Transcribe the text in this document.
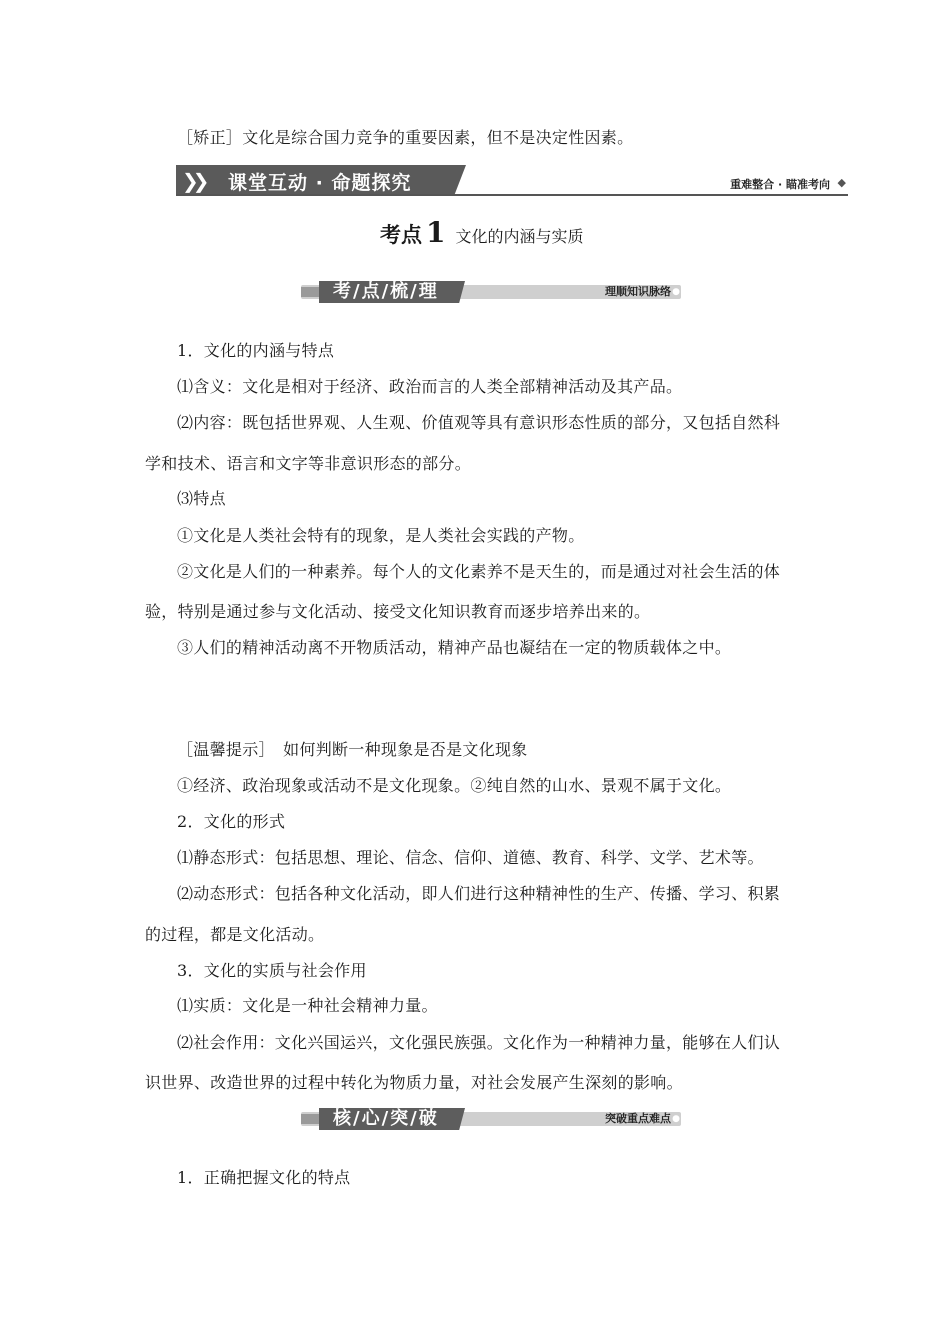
［矫正］文化是综合国力竞争的重要因素，但不是决定性因素。
❯❯ 课堂互动 · 命题探究	重难整合 · 瞄准考向 ◆
考点 1 文化的内涵与实质
考/点/梳/理	理顺知识脉络 ●
1．文化的内涵与特点
⑴含义：文化是相对于经济、政治而言的人类全部精神活动及其产品。
⑵内容：既包括世界观、人生观、价值观等具有意识形态性质的部分，又包括自然科
学和技术、语言和文字等非意识形态的部分。
⑶特点
①文化是人类社会特有的现象，是人类社会实践的产物。
②文化是人们的一种素养。每个人的文化素养不是天生的，而是通过对社会生活的体
验，特别是通过参与文化活动、接受文化知识教育而逐步培养出来的。
③人们的精神活动离不开物质活动，精神产品也凝结在一定的物质载体之中。
［温馨提示］　如何判断一种现象是否是文化现象
①经济、政治现象或活动不是文化现象。②纯自然的山水、景观不属于文化。
2．文化的形式
⑴静态形式：包括思想、理论、信念、信仰、道德、教育、科学、文学、艺术等。
⑵动态形式：包括各种文化活动，即人们进行这种精神性的生产、传播、学习、积累
的过程，都是文化活动。
3．文化的实质与社会作用
⑴实质：文化是一种社会精神力量。
⑵社会作用：文化兴国运兴，文化强民族强。文化作为一种精神力量，能够在人们认
识世界、改造世界的过程中转化为物质力量，对社会发展产生深刻的影响。
核/心/突/破	突破重点难点 ●
1．正确把握文化的特点
